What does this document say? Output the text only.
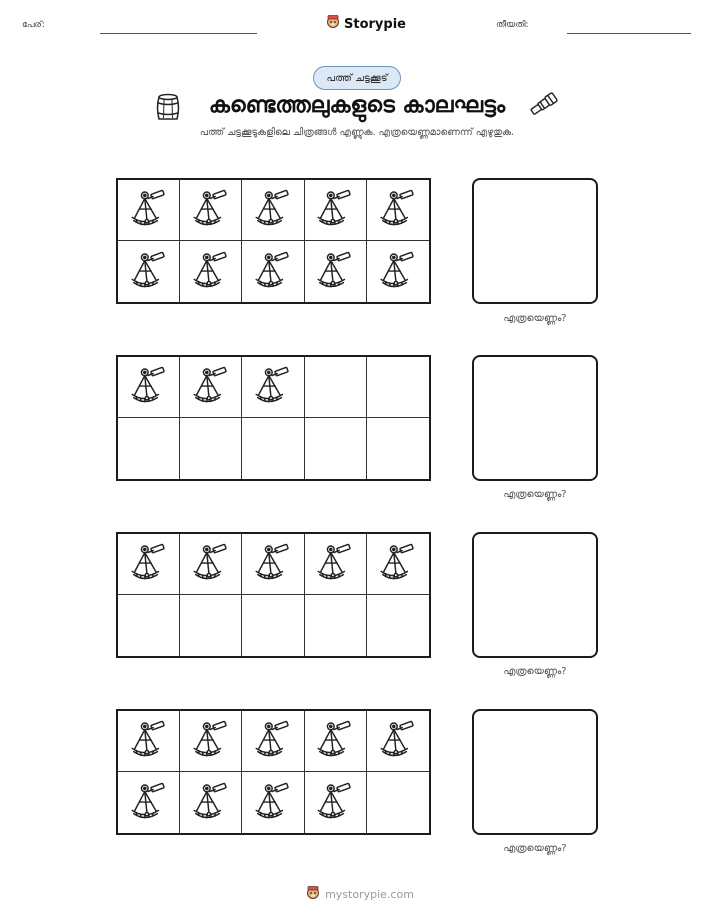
പേര്:	Storypie	തീയതി:
പത്ത് ചട്ടക്കൂട്
കണ്ടെത്തലുകളുടെ കാലഘട്ടം
പത്ത് ചട്ടക്കൂടുകളിലെ ചിത്രങ്ങൾ എണ്ണുക. എത്രയെണ്ണമാണെന്ന് എഴുതുക.
എത്രയെണ്ണം?
എത്രയെണ്ണം?
എത്രയെണ്ണം?
എത്രയെണ്ണം?
mystorypie.com
